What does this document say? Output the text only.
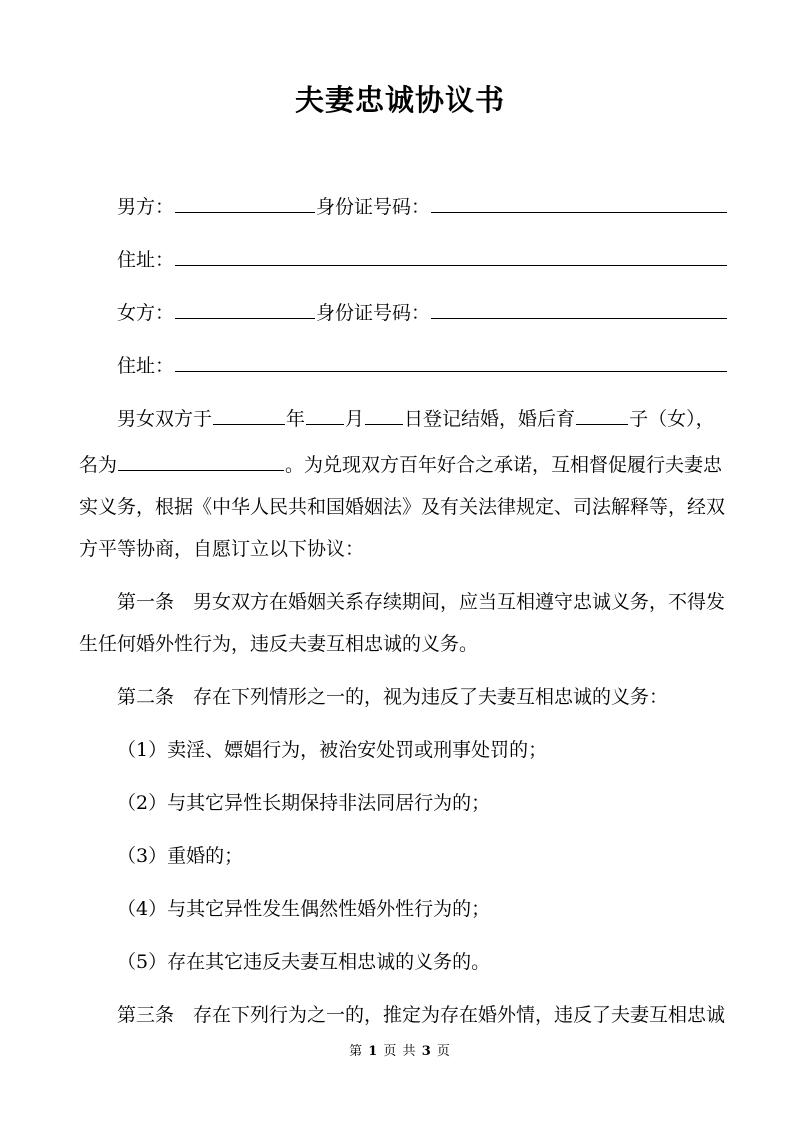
夫妻忠诚协议书
男方：	身份证号码：
住址：
女方：	身份证号码：
住址：
男女双方于	年 月 日登记结婚，婚后育	子（女），
名为	。为兑现双方百年好合之承诺，互相督促履行夫妻忠
实义务，根据《中华人民共和国婚姻法》及有关法律规定、司法解释等，经双
方平等协商，自愿订立以下协议：
第一条　男女双方在婚姻关系存续期间，应当互相遵守忠诚义务，不得发
生任何婚外性行为，违反夫妻互相忠诚的义务。
第二条　存在下列情形之一的，视为违反了夫妻互相忠诚的义务：
（1）卖淫、嫖娼行为，被治安处罚或刑事处罚的；
（2）与其它异性长期保持非法同居行为的；
（3）重婚的；
（4）与其它异性发生偶然性婚外性行为的；
（5）存在其它违反夫妻互相忠诚的义务的。
第三条　存在下列行为之一的，推定为存在婚外情，违反了夫妻互相忠诚
第 1 页 共 3 页
